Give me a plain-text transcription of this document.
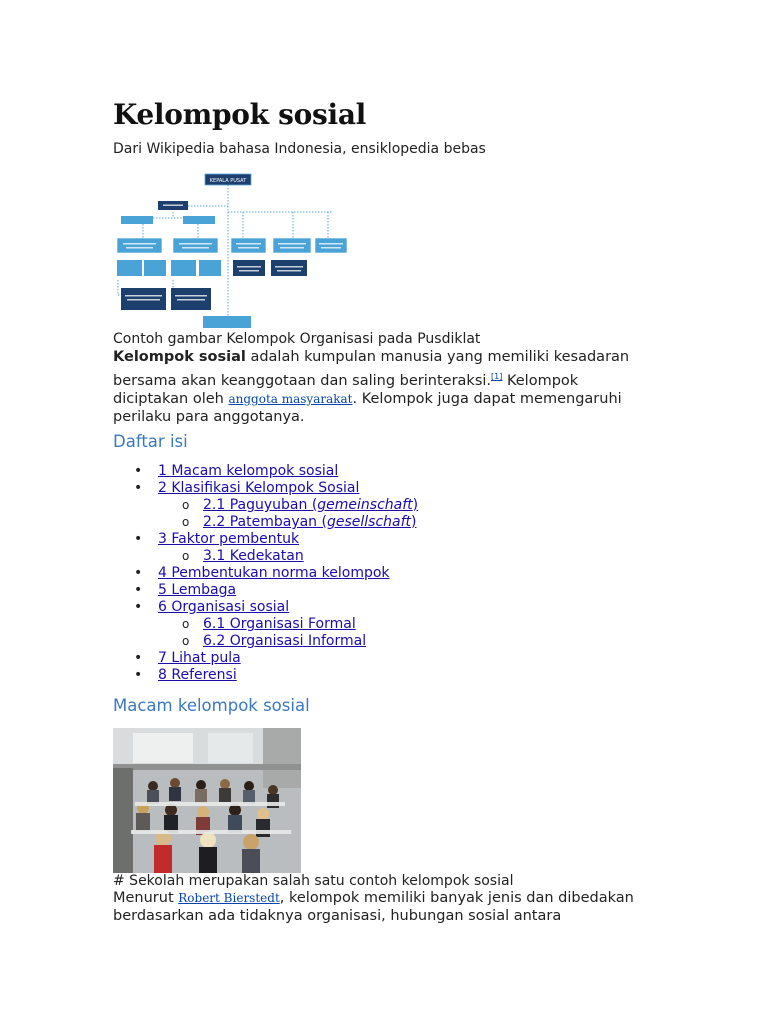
Kelompok sosial
Dari Wikipedia bahasa Indonesia, ensiklopedia bebas
KEPALA PUSAT
Contoh gambar Kelompok Organisasi pada Pusdiklat
Kelompok sosial adalah kumpulan manusia yang memiliki kesadaran bersama akan keanggotaan dan saling berinteraksi.[1] Kelompok diciptakan oleh anggota masyarakat. Kelompok juga dapat memengaruhi perilaku para anggotanya.
Daftar isi
• 1 Macam kelompok sosial
• 2 Klasifikasi Kelompok Sosial
o 2.1 Paguyuban (gemeinschaft)
o 2.2 Patembayan (gesellschaft)
• 3 Faktor pembentuk
o 3.1 Kedekatan
• 4 Pembentukan norma kelompok
• 5 Lembaga
• 6 Organisasi sosial
o 6.1 Organisasi Formal
o 6.2 Organisasi Informal
• 7 Lihat pula
• 8 Referensi
Macam kelompok sosial
# Sekolah merupakan salah satu contoh kelompok sosial
Menurut Robert Bierstedt, kelompok memiliki banyak jenis dan dibedakan berdasarkan ada tidaknya organisasi, hubungan sosial antara
